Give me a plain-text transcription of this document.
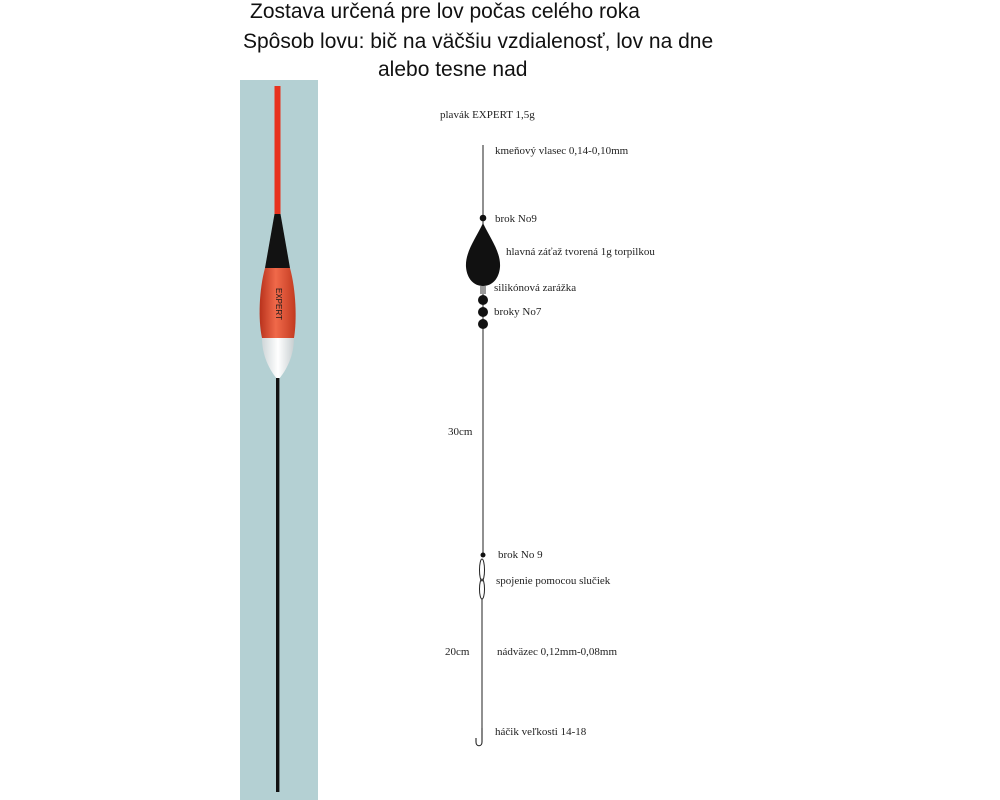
Zostava určená pre lov počas celého roka
Spôsob lovu: bič na väčšiu vzdialenosť, lov na dne
alebo tesne nad
EXPERT
plavák EXPERT 1,5g
kmeňový vlasec 0,14-0,10mm
brok No9
hlavná záťaž tvorená 1g torpilkou
silikónová zarážka
broky No7
30cm
brok No 9
spojenie pomocou slučiek
20cm	nádväzec 0,12mm-0,08mm
háčik veľkosti 14-18
